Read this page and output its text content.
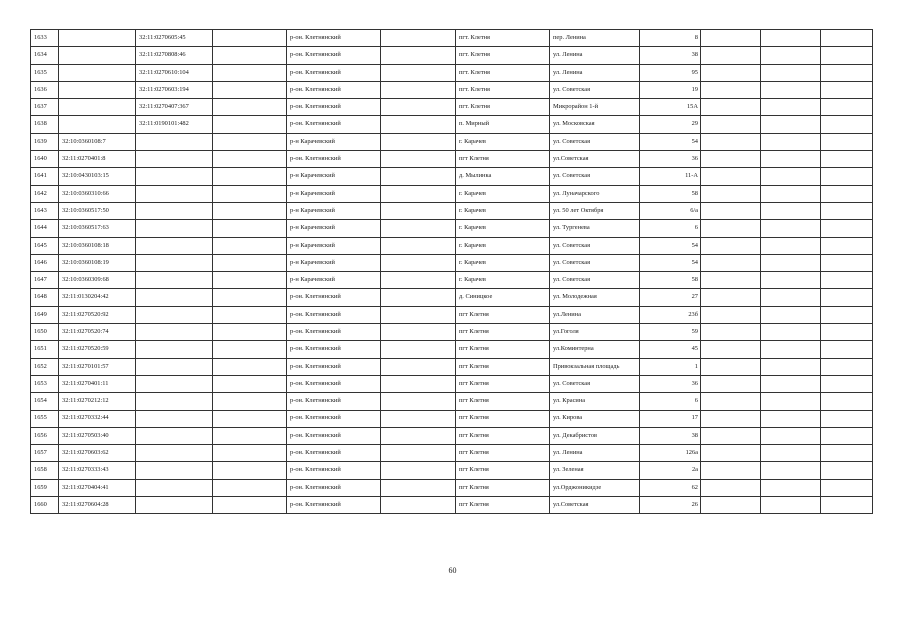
1633		32:11:0270605:45		р-он. Клетнянский		пгт. Клетня	пер. Ленина	8			
1634		32:11:0270808:46		р-он. Клетнянский		пгт. Клетня	ул. Ленина	38			
1635		32:11:0270610:104		р-он. Клетнянский		пгт. Клетня	ул. Ленина	95			
1636		32:11:0270603:194		р-он. Клетнянский		пгт. Клетня	ул. Советская	19			
1637		32:11:0270407:367		р-он. Клетнянский		пгт. Клетня	Микрорайон 1-й	15А			
1638		32:11:0190101:482		р-он. Клетнянский		п. Мирный	ул. Московская	29			
1639	32:10:0360108:7			р-н Карачевский		г. Карачев	ул. Советская	54			
1640	32:11:0270401:8			р-он. Клетнянский		пгт Клетня	ул.Советская	36			
1641	32:10:0430103:15			р-н Карачевский		д. Мылинка	ул. Советская	11-А			
1642	32:10:0360310:66			р-н Карачевский		г. Карачев	ул. Луначарского	58			
1643	32:10:0360517:50			р-н Карачевский		г. Карачев	ул. 50 лет Октября	6/а			
1644	32:10:0360517:63			р-н Карачевский		г. Карачев	ул. Тургенева	6			
1645	32:10:0360108:18			р-н Карачевский		г. Карачев	ул. Советская	54			
1646	32:10:0360108:19			р-н Карачевский		г. Карачев	ул. Советская	54			
1647	32:10:0360309:68			р-н Карачевский		г. Карачев	ул. Советская	58			
1648	32:11:0130204:42			р-он. Клетнянский		д. Синицкое	ул. Молодежная	27			
1649	32:11:0270520:92			р-он. Клетнянский		пгт Клетня	ул.Ленина	23б			
1650	32:11:0270520:74			р-он. Клетнянский		пгт Клетня	ул.Гоголя	59			
1651	32:11:0270520:59			р-он. Клетнянский		пгт Клетня	ул.Коминтерна	45			
1652	32:11:0270101:57			р-он. Клетнянский		пгт Клетня	Привокзальная площадь	1			
1653	32:11:0270401:11			р-он. Клетнянский		пгт Клетня	ул. Советская	36			
1654	32:11:0270212:12			р-он. Клетнянский		пгт Клетня	ул. Красина	6			
1655	32:11:0270332:44			р-он. Клетнянский		пгт Клетня	ул. Кирова	17			
1656	32:11:0270503:40			р-он. Клетнянский		пгт Клетня	ул. Декабристов	38			
1657	32:11:0270603:62			р-он. Клетнянский		пгт Клетня	ул. Ленина	126а			
1658	32:11:0270333:43			р-он. Клетнянский		пгт Клетня	ул. Зеленая	2а			
1659	32:11:0270404:41			р-он. Клетнянский		пгт Клетня	ул.Орджоникидзе	62			
1660	32:11:0270604:28			р-он. Клетнянский		пгт Клетня	ул.Советская	26			
60
